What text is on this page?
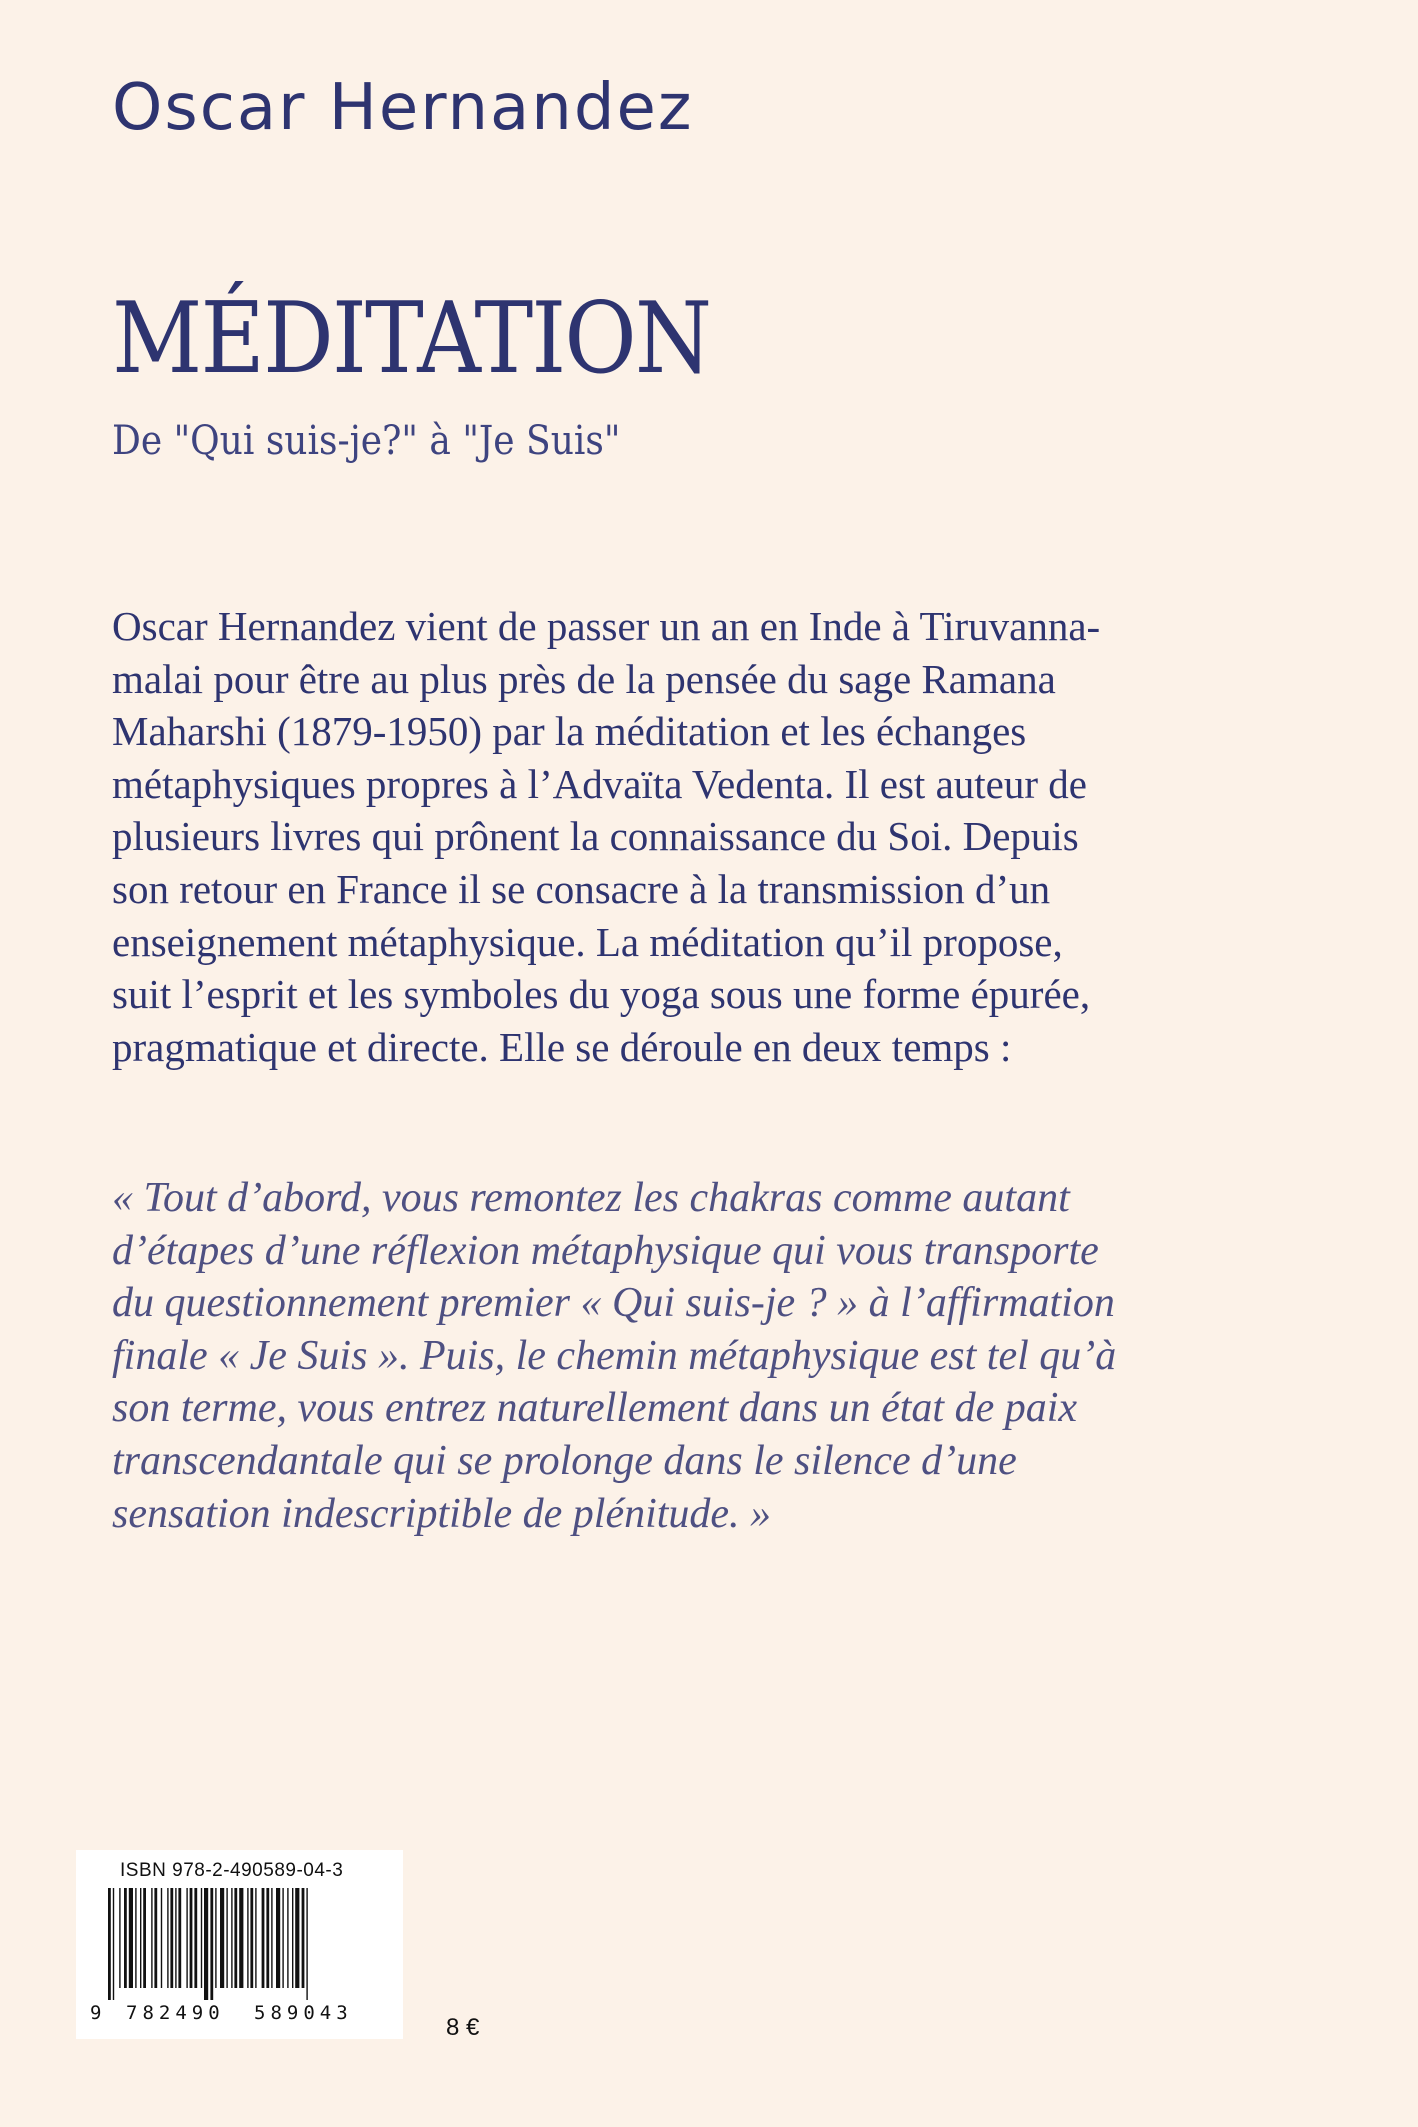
Oscar Hernandez
MÉDITATION
De "Qui suis-je?" à "Je Suis"

Oscar Hernandez vient de passer un an en Inde à Tiruvanna-
malai pour être au plus près de la pensée du sage Ramana
Maharshi (1879-1950) par la méditation et les échanges
métaphysiques propres à l’Advaïta Vedenta. Il est auteur de
plusieurs livres qui prônent la connaissance du Soi. Depuis
son retour en France il se consacre à la transmission d’un
enseignement métaphysique. La méditation qu’il propose,
suit l’esprit et les symboles du yoga sous une forme épurée,
pragmatique et directe. Elle se déroule en deux temps :

« Tout d’abord, vous remontez les chakras comme autant
d’étapes d’une réflexion métaphysique qui vous transporte
du questionnement premier « Qui suis-je ? » à l’affirmation
finale « Je Suis ». Puis, le chemin métaphysique est tel qu’à
son terme, vous entrez naturellement dans un état de paix
transcendantale qui se prolonge dans le silence d’une
sensation indescriptible de plénitude. »

ISBN 978-2-490589-04-3
9 782490 589043
8 €
